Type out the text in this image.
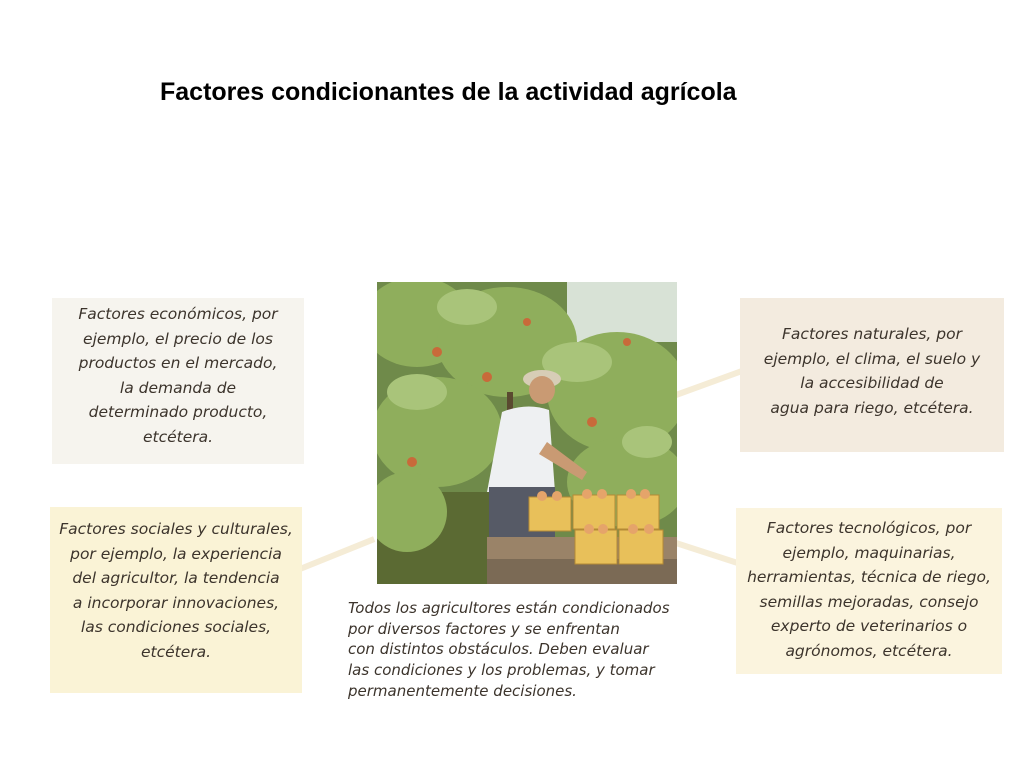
Factores condicionantes de la actividad agrícola

Factores económicos, por

ejemplo, el precio de los

productos en el mercado,

la demanda de

determinado producto,

etcétera.

Factores naturales, por

ejemplo, el clima, el suelo y

la accesibilidad de

agua para riego, etcétera.

Factores sociales y culturales,

por ejemplo, la experiencia

del agricultor, la tendencia

a incorporar innovaciones,

las condiciones sociales,

etcétera.

Factores tecnológicos, por

ejemplo, maquinarias,

herramientas, técnica de riego,

semillas mejoradas, consejo

experto de veterinarios o

agrónomos, etcétera.

Todos los agricultores están condicionados

por diversos factores y se enfrentan

con distintos obstáculos. Deben evaluar

las condiciones y los problemas, y tomar

permanentemente decisiones.
